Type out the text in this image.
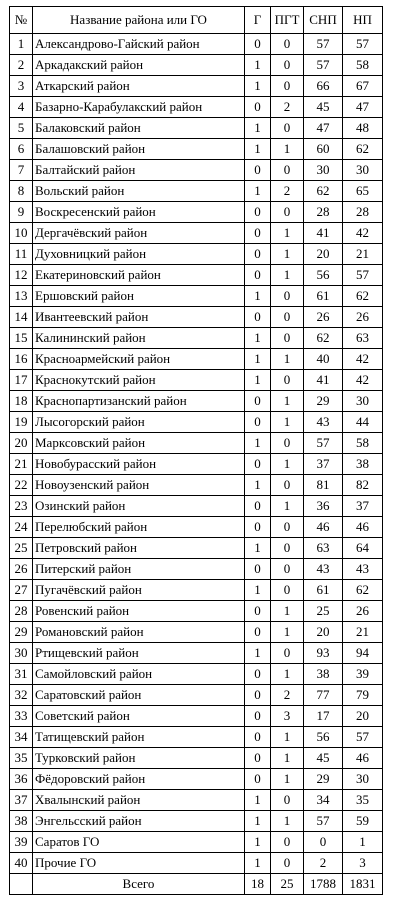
№	Название района или ГО	Г	ПГТ	СНП	НП
1	Александрово-Гайский район	0	0	57	57
2	Аркадакский район	1	0	57	58
3	Аткарский район	1	0	66	67
4	Базарно-Карабулакский район	0	2	45	47
5	Балаковский район	1	0	47	48
6	Балашовский район	1	1	60	62
7	Балтайский район	0	0	30	30
8	Вольский район	1	2	62	65
9	Воскресенский район	0	0	28	28
10	Дергачёвский район	0	1	41	42
11	Духовницкий район	0	1	20	21
12	Екатериновский район	0	1	56	57
13	Ершовский район	1	0	61	62
14	Ивантеевский район	0	0	26	26
15	Калининский район	1	0	62	63
16	Красноармейский район	1	1	40	42
17	Краснокутский район	1	0	41	42
18	Краснопартизанский район	0	1	29	30
19	Лысогорский район	0	1	43	44
20	Марксовский район	1	0	57	58
21	Новобурасский район	0	1	37	38
22	Новоузенский район	1	0	81	82
23	Озинский район	0	1	36	37
24	Перелюбский район	0	0	46	46
25	Петровский район	1	0	63	64
26	Питерский район	0	0	43	43
27	Пугачёвский район	1	0	61	62
28	Ровенский район	0	1	25	26
29	Романовский район	0	1	20	21
30	Ртищевский район	1	0	93	94
31	Самойловский район	0	1	38	39
32	Саратовский район	0	2	77	79
33	Советский район	0	3	17	20
34	Татищевский район	0	1	56	57
35	Турковский район	0	1	45	46
36	Фёдоровский район	0	1	29	30
37	Хвалынский район	1	0	34	35
38	Энгельсский район	1	1	57	59
39	Саратов ГО	1	0	0	1
40	Прочие ГО	1	0	2	3
	Всего	18	25	1788	1831
